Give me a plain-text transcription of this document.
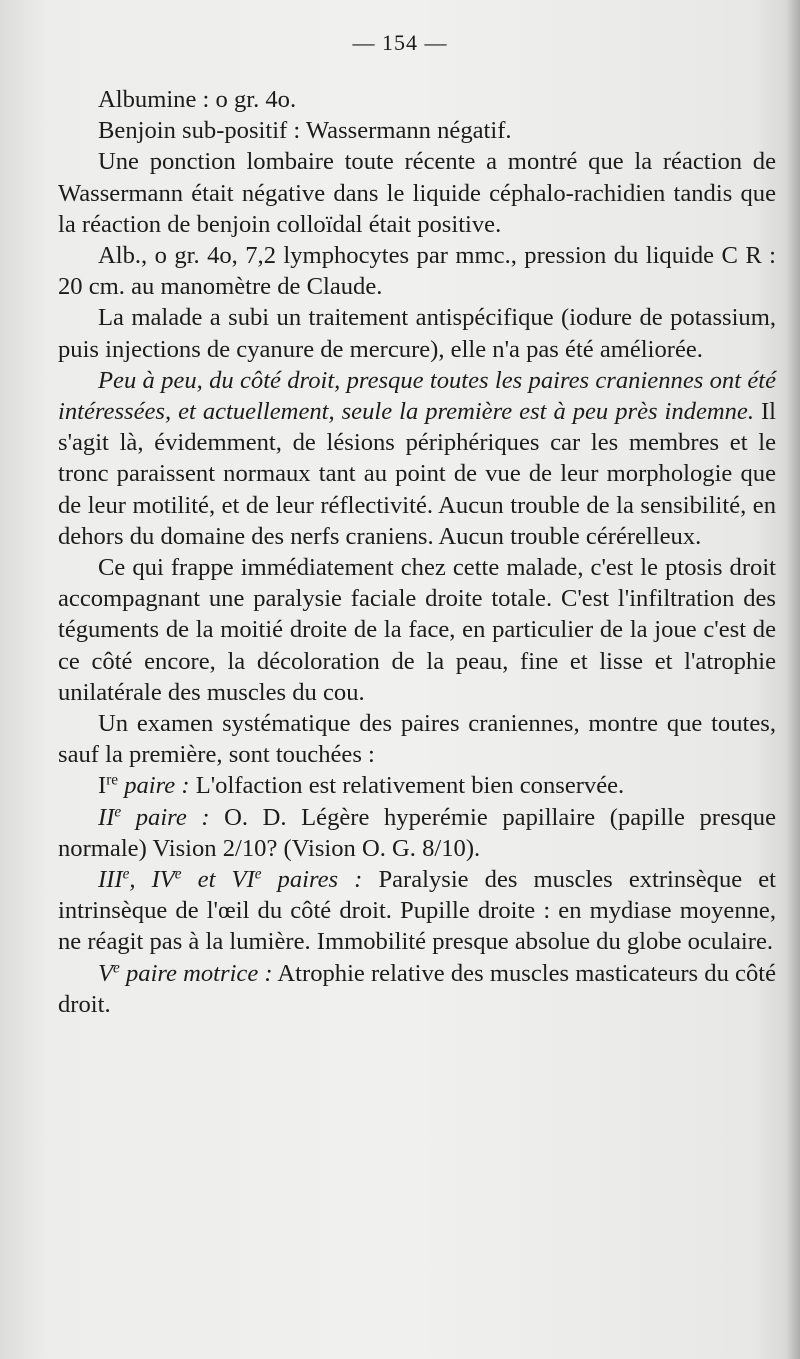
— 154 —

Albumine : o gr. 4o.

Benjoin sub-positif : Wassermann négatif.

Une ponction lombaire toute récente a montré que la réaction de Wassermann était négative dans le liquide céphalo-rachidien tandis que la réaction de benjoin colloïdal était positive.

Alb., o gr. 4o, 7,2 lymphocytes par mmc., pression du liquide C R : 20 cm. au manomètre de Claude.

La malade a subi un traitement antispécifique (iodure de potassium, puis injections de cyanure de mercure), elle n'a pas été améliorée.

Peu à peu, du côté droit, presque toutes les paires craniennes ont été intéressées, et actuellement, seule la première est à peu près indemne. Il s'agit là, évidemment, de lésions périphériques car les membres et le tronc paraissent normaux tant au point de vue de leur morphologie que de leur motilité, et de leur réflectivité. Aucun trouble de la sensibilité, en dehors du domaine des nerfs craniens. Aucun trouble cérérelleux.

Ce qui frappe immédiatement chez cette malade, c'est le ptosis droit accompagnant une paralysie faciale droite totale. C'est l'infiltration des téguments de la moitié droite de la face, en particulier de la joue c'est de ce côté encore, la décoloration de la peau, fine et lisse et l'atrophie unilatérale des muscles du cou.

Un examen systématique des paires craniennes, montre que toutes, sauf la première, sont touchées :

Ire paire : L'olfaction est relativement bien conservée.

IIe paire : O. D. Légère hyperémie papillaire (papille presque normale) Vision 2/10? (Vision O. G. 8/10).

IIIe, IVe et VIe paires : Paralysie des muscles extrinsèque et intrinsèque de l'œil du côté droit. Pupille droite : en mydiase moyenne, ne réagit pas à la lumière. Immobilité presque absolue du globe oculaire.

Ve paire motrice : Atrophie relative des muscles masticateurs du côté droit.
